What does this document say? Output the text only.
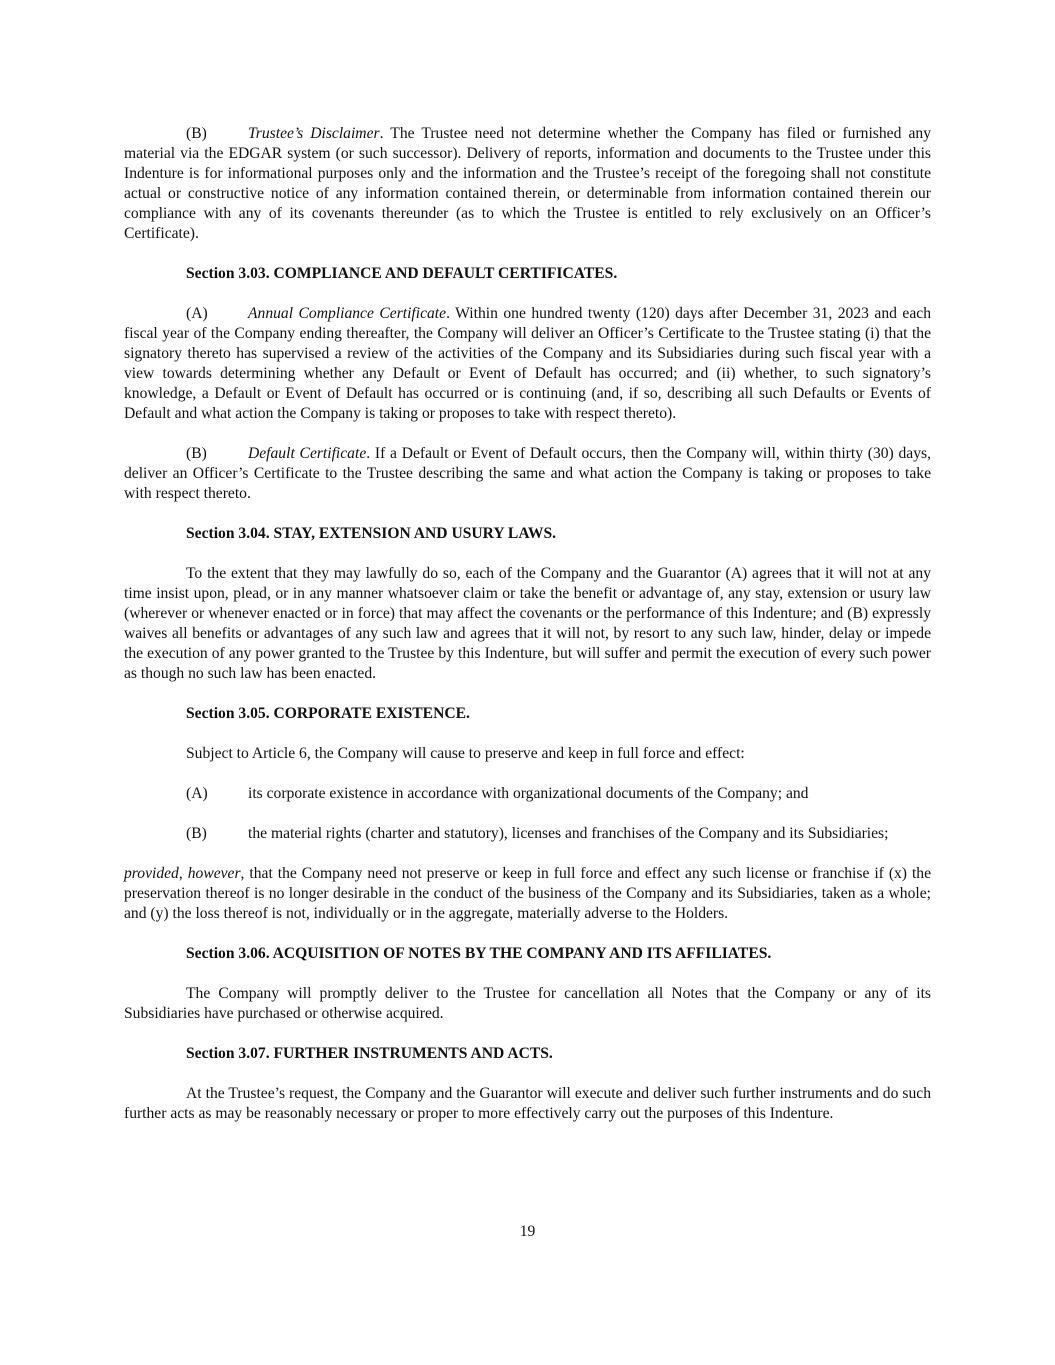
(B)	Trustee’s Disclaimer. The Trustee need not determine whether the Company has filed or furnished any material via the EDGAR system (or such successor). Delivery of reports, information and documents to the Trustee under this Indenture is for informational purposes only and the information and the Trustee’s receipt of the foregoing shall not constitute actual or constructive notice of any information contained therein, or determinable from information contained therein our compliance with any of its covenants thereunder (as to which the Trustee is entitled to rely exclusively on an Officer’s Certificate).

Section 3.03. COMPLIANCE AND DEFAULT CERTIFICATES.

(A)	Annual Compliance Certificate. Within one hundred twenty (120) days after December 31, 2023 and each fiscal year of the Company ending thereafter, the Company will deliver an Officer’s Certificate to the Trustee stating (i) that the signatory thereto has supervised a review of the activities of the Company and its Subsidiaries during such fiscal year with a view towards determining whether any Default or Event of Default has occurred; and (ii) whether, to such signatory’s knowledge, a Default or Event of Default has occurred or is continuing (and, if so, describing all such Defaults or Events of Default and what action the Company is taking or proposes to take with respect thereto).

(B)	Default Certificate. If a Default or Event of Default occurs, then the Company will, within thirty (30) days, deliver an Officer’s Certificate to the Trustee describing the same and what action the Company is taking or proposes to take with respect thereto.

Section 3.04. STAY, EXTENSION AND USURY LAWS.

To the extent that they may lawfully do so, each of the Company and the Guarantor (A) agrees that it will not at any time insist upon, plead, or in any manner whatsoever claim or take the benefit or advantage of, any stay, extension or usury law (wherever or whenever enacted or in force) that may affect the covenants or the performance of this Indenture; and (B) expressly waives all benefits or advantages of any such law and agrees that it will not, by resort to any such law, hinder, delay or impede the execution of any power granted to the Trustee by this Indenture, but will suffer and permit the execution of every such power as though no such law has been enacted.

Section 3.05. CORPORATE EXISTENCE.

Subject to Article 6, the Company will cause to preserve and keep in full force and effect:

(A)	its corporate existence in accordance with organizational documents of the Company; and

(B)	the material rights (charter and statutory), licenses and franchises of the Company and its Subsidiaries;

provided, however, that the Company need not preserve or keep in full force and effect any such license or franchise if (x) the preservation thereof is no longer desirable in the conduct of the business of the Company and its Subsidiaries, taken as a whole; and (y) the loss thereof is not, individually or in the aggregate, materially adverse to the Holders.

Section 3.06. ACQUISITION OF NOTES BY THE COMPANY AND ITS AFFILIATES.

The Company will promptly deliver to the Trustee for cancellation all Notes that the Company or any of its Subsidiaries have purchased or otherwise acquired.

Section 3.07. FURTHER INSTRUMENTS AND ACTS.

At the Trustee’s request, the Company and the Guarantor will execute and deliver such further instruments and do such further acts as may be reasonably necessary or proper to more effectively carry out the purposes of this Indenture.

19
